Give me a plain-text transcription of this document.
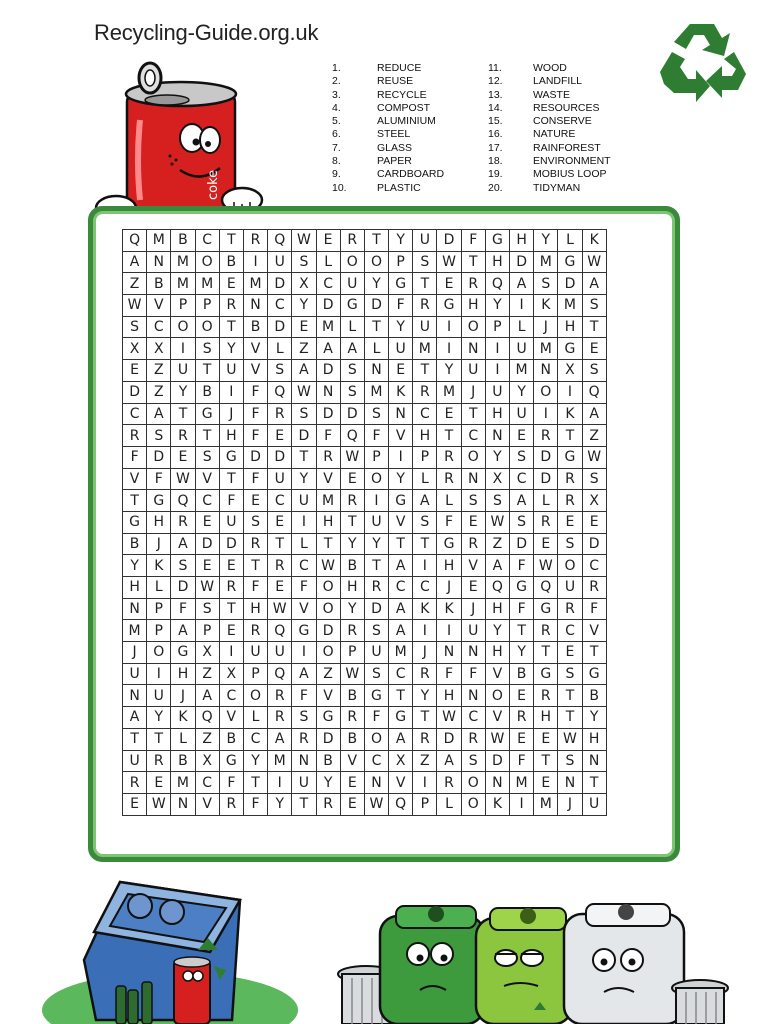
Recycling-Guide.org.uk
coke
1.	REDUCE
2.	REUSE
3.	RECYCLE
4.	COMPOST
5.	ALUMINIUM
6.	STEEL
7.	GLASS
8.	PAPER
9.	CARDBOARD
10.	PLASTIC
11.	WOOD
12.	LANDFILL
13.	WASTE
14.	RESOURCES
15.	CONSERVE
16.	NATURE
17.	RAINFOREST
18.	ENVIRONMENT
19.	MOBIUS LOOP
20.	TIDYMAN
Q	M	B	C	T	R	Q	W	E	R	T	Y	U	D	F	G	H	Y	L	K
A	N	M	O	B	I	U	S	L	O	O	P	S	W	T	H	D	M	G	W
Z	B	M	M	E	M	D	X	C	U	Y	G	T	E	R	Q	A	S	D	A
W	V	P	P	R	N	C	Y	D	G	D	F	R	G	H	Y	I	K	M	S
S	C	O	O	T	B	D	E	M	L	T	Y	U	I	O	P	L	J	H	T
X	X	I	S	Y	V	L	Z	A	A	L	U	M	I	N	I	U	M	G	E
E	Z	U	T	U	V	S	A	D	S	N	E	T	Y	U	I	M	N	X	S
D	Z	Y	B	I	F	Q	W	N	S	M	K	R	M	J	U	Y	O	I	Q
C	A	T	G	J	F	R	S	D	D	S	N	C	E	T	H	U	I	K	A
R	S	R	T	H	F	E	D	F	Q	F	V	H	T	C	N	E	R	T	Z
F	D	E	S	G	D	D	T	R	W	P	I	P	R	O	Y	S	D	G	W
V	F	W	V	T	F	U	Y	V	E	O	Y	L	R	N	X	C	D	R	S
T	G	Q	C	F	E	C	U	M	R	I	G	A	L	S	S	A	L	R	X
G	H	R	E	U	S	E	I	H	T	U	V	S	F	E	W	S	R	E	E
B	J	A	D	D	R	T	L	T	Y	Y	T	T	G	R	Z	D	E	S	D
Y	K	S	E	E	T	R	C	W	B	T	A	I	H	V	A	F	W	O	C
H	L	D	W	R	F	E	F	O	H	R	C	C	J	E	Q	G	Q	U	R
N	P	F	S	T	H	W	V	O	Y	D	A	K	K	J	H	F	G	R	F
M	P	A	P	E	R	Q	G	D	R	S	A	I	I	U	Y	T	R	C	V
J	O	G	X	I	U	U	I	O	P	U	M	J	N	N	H	Y	T	E	T
U	I	H	Z	X	P	Q	A	Z	W	S	C	R	F	F	V	B	G	S	G
N	U	J	A	C	O	R	F	V	B	G	T	Y	H	N	O	E	R	T	B
A	Y	K	Q	V	L	R	S	G	R	F	G	T	W	C	V	R	H	T	Y
T	T	L	Z	B	C	A	R	D	B	O	A	R	D	R	W	E	E	W	H
U	R	B	X	G	Y	M	N	B	V	C	X	Z	A	S	D	F	T	S	N
R	E	M	C	F	T	I	U	Y	E	N	V	I	R	O	N	M	E	N	T
E	W	N	V	R	F	Y	T	R	E	W	Q	P	L	O	K	I	M	J	U
